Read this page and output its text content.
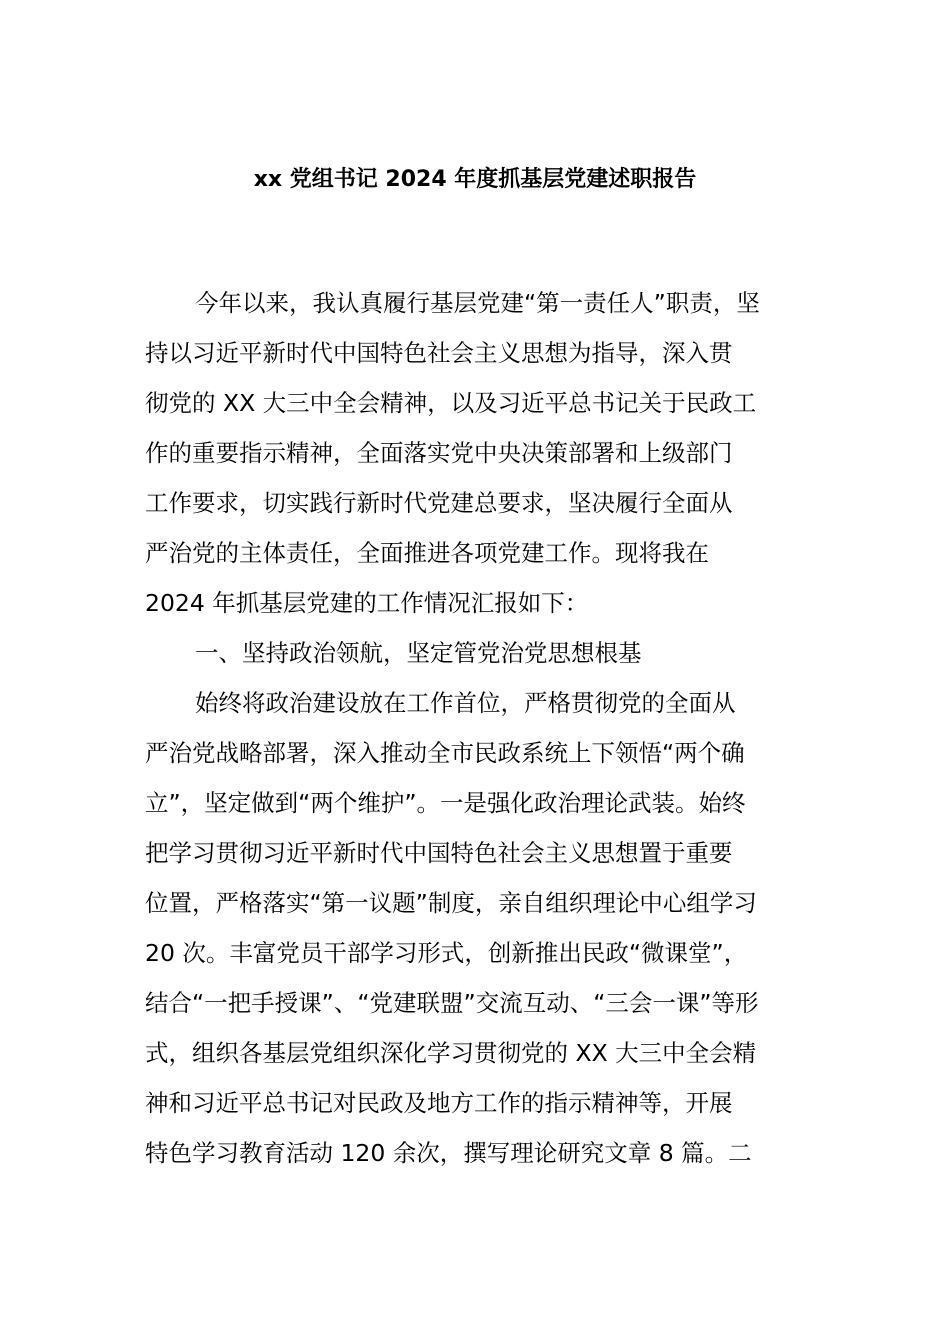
xx 党组书记 2024 年度抓基层党建述职报告
今年以来，我认真履行基层党建“第一责任人”职责，坚
持以习近平新时代中国特色社会主义思想为指导，深入贯
彻党的 XX 大三中全会精神，以及习近平总书记关于民政工
作的重要指示精神，全面落实党中央决策部署和上级部门
工作要求，切实践行新时代党建总要求，坚决履行全面从
严治党的主体责任，全面推进各项党建工作。现将我在
2024 年抓基层党建的工作情况汇报如下：
一、坚持政治领航，坚定管党治党思想根基
始终将政治建设放在工作首位，严格贯彻党的全面从
严治党战略部署，深入推动全市民政系统上下领悟“两个确
立”，坚定做到“两个维护”。一是强化政治理论武装。始终
把学习贯彻习近平新时代中国特色社会主义思想置于重要
位置，严格落实“第一议题”制度，亲自组织理论中心组学习
20 次。丰富党员干部学习形式，创新推出民政“微课堂”，
结合“一把手授课”、“党建联盟”交流互动、“三会一课”等形
式，组织各基层党组织深化学习贯彻党的 XX 大三中全会精
神和习近平总书记对民政及地方工作的指示精神等，开展
特色学习教育活动 120 余次，撰写理论研究文章 8 篇。二
